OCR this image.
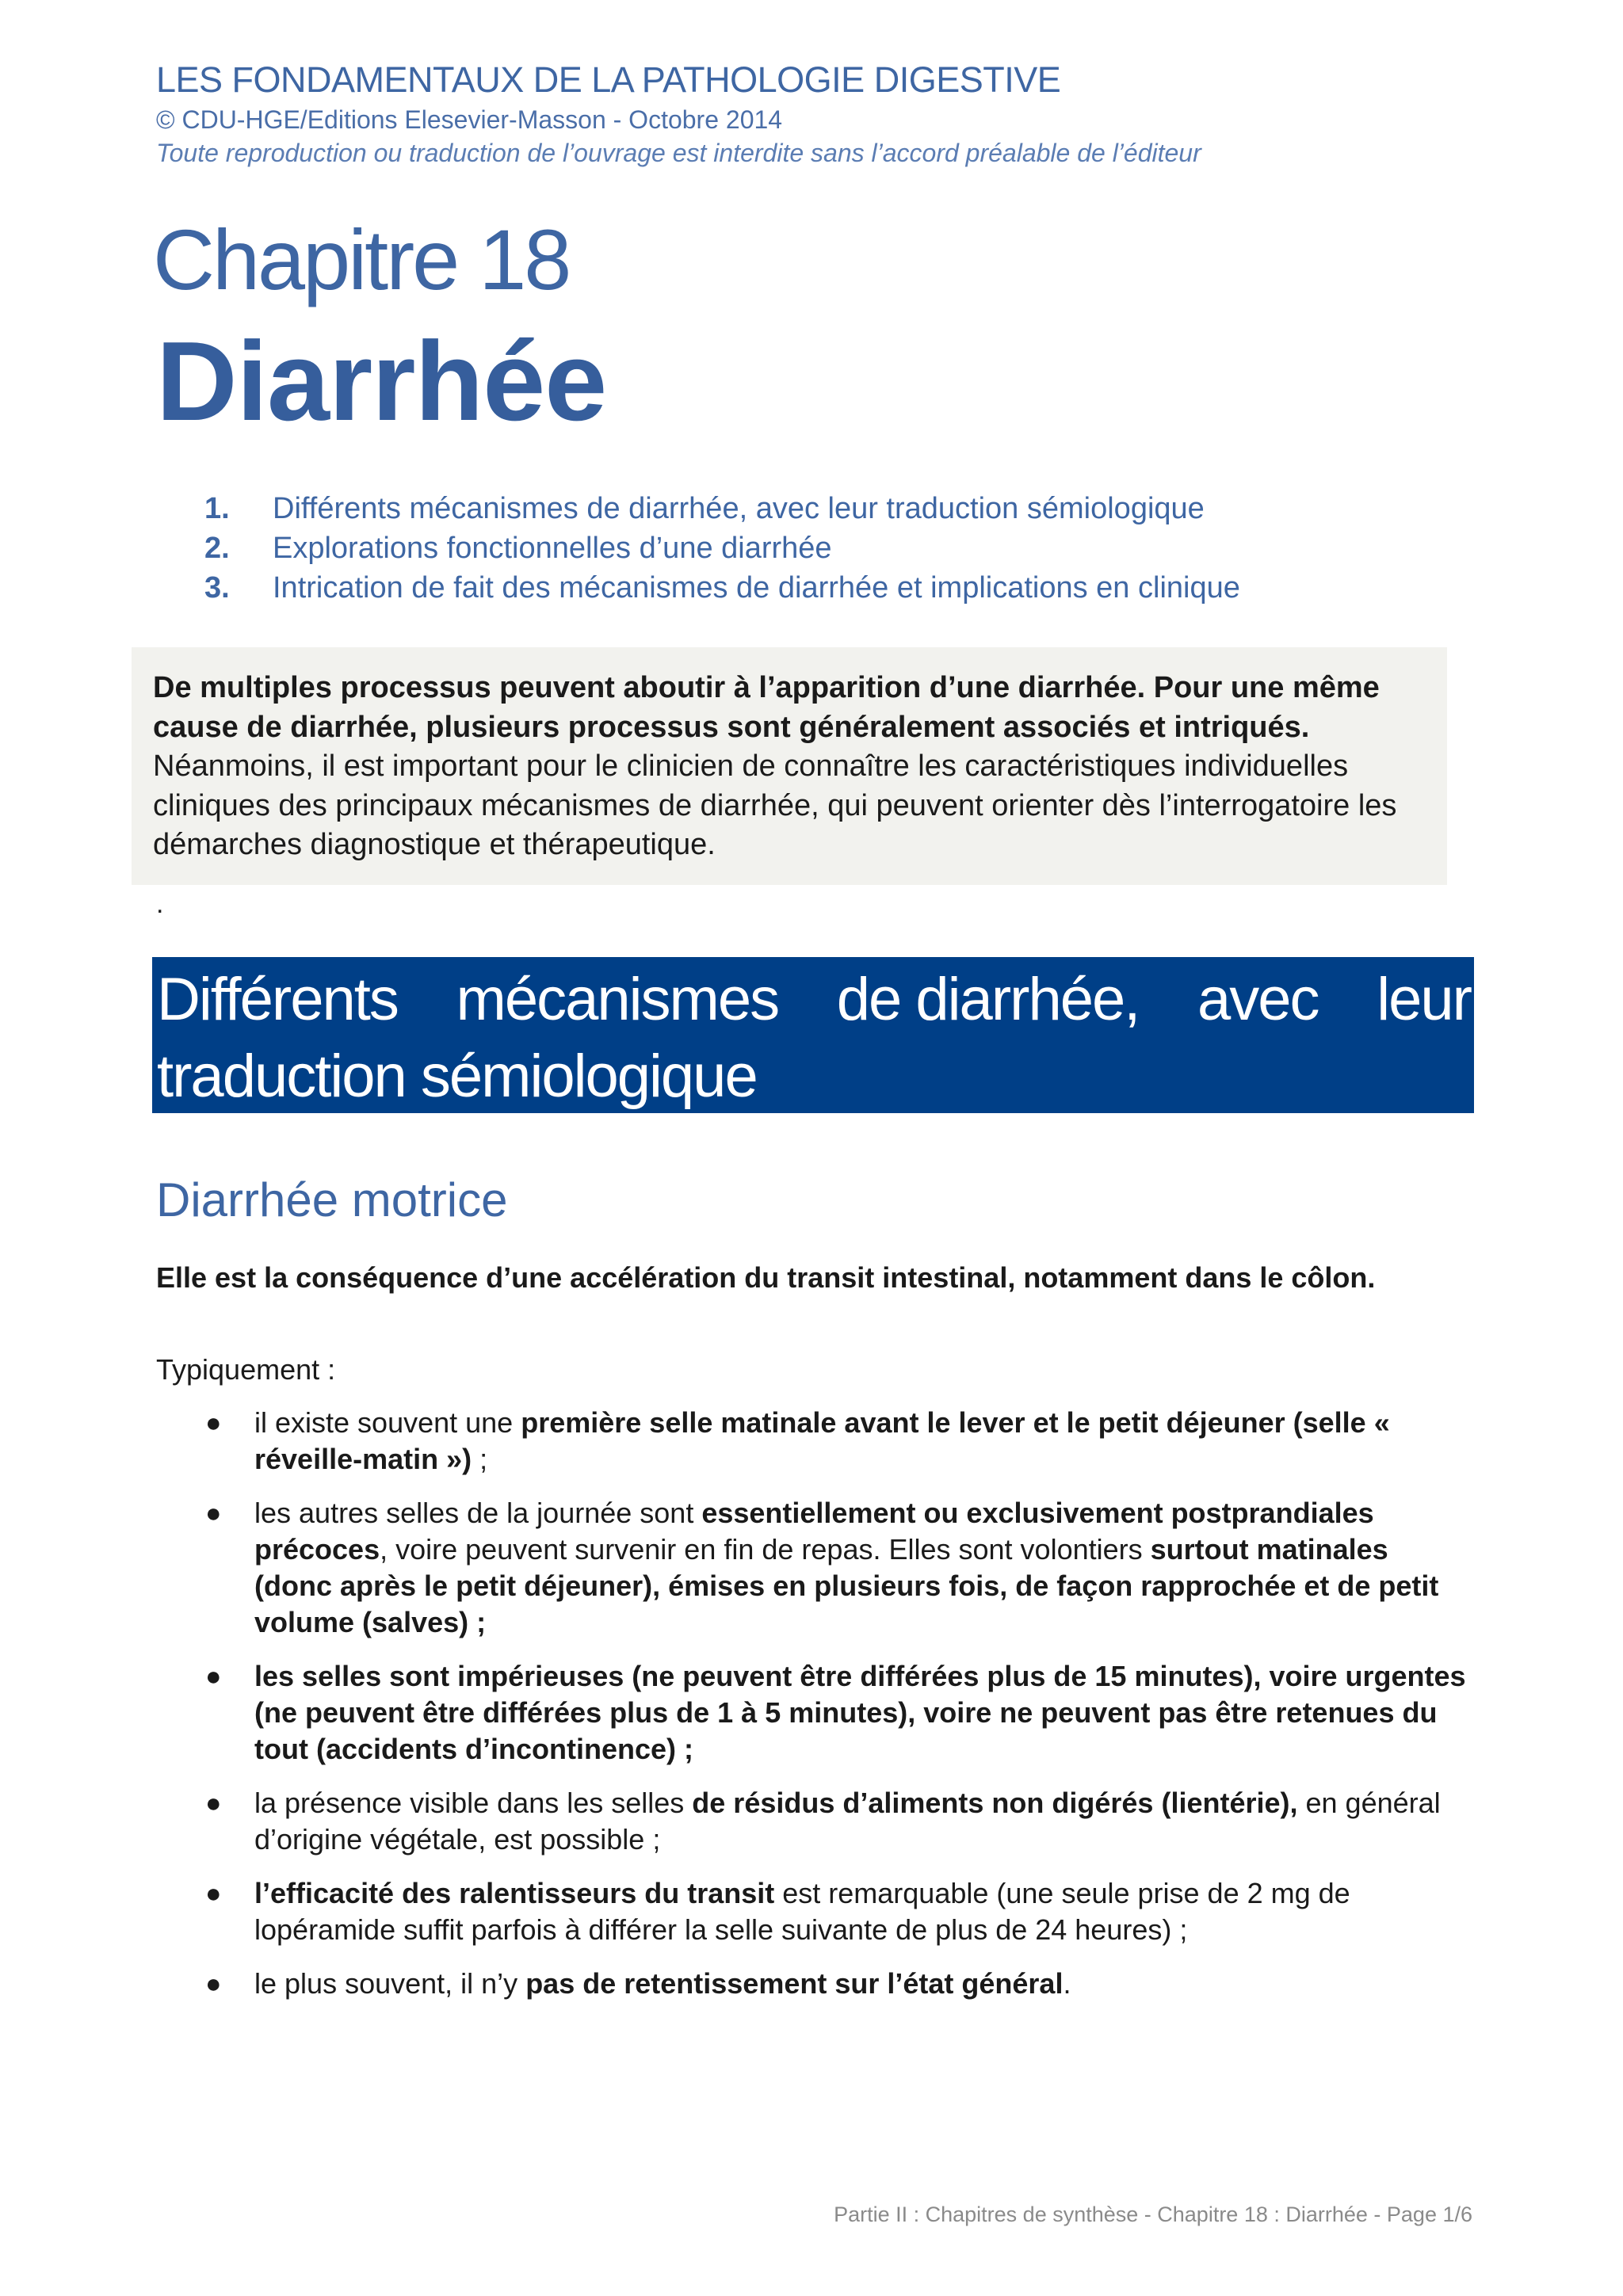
LES FONDAMENTAUX DE LA PATHOLOGIE DIGESTIVE
© CDU-HGE/Editions Elesevier-Masson - Octobre 2014
Toute reproduction ou traduction de l’ouvrage est interdite sans l’accord préalable de l’éditeur
Chapitre 18
Diarrhée
1.	Différents mécanismes de diarrhée, avec leur traduction sémiologique
2.	Explorations fonctionnelles d’une diarrhée
3.	Intrication de fait des mécanismes de diarrhée et implications en clinique
De multiples processus peuvent aboutir à l’apparition d’une diarrhée. Pour une même cause de diarrhée, plusieurs processus sont généralement associés et intriqués. Néanmoins, il est important pour le clinicien de connaître les caractéristiques individuelles cliniques des principaux mécanismes de diarrhée, qui peuvent orienter dès l’interrogatoire les démarches diagnostique et thérapeutique.
.
Différents mécanismes de diarrhée, avec leur
traduction sémiologique
Diarrhée motrice
Elle est la conséquence d’une accélération du transit intestinal, notamment dans le côlon.
Typiquement :
● il existe souvent une première selle matinale avant le lever et le petit déjeuner (selle « réveille-matin ») ;
● les autres selles de la journée sont essentiellement ou exclusivement postprandiales précoces, voire peuvent survenir en fin de repas. Elles sont volontiers surtout matinales (donc après le petit déjeuner), émises en plusieurs fois, de façon rapprochée et de petit volume (salves) ;
● les selles sont impérieuses (ne peuvent être différées plus de 15 minutes), voire urgentes (ne peuvent être différées plus de 1 à 5 minutes), voire ne peuvent pas être retenues du tout (accidents d’incontinence) ;
● la présence visible dans les selles de résidus d’aliments non digérés (lientérie), en général d’origine végétale, est possible ;
● l’efficacité des ralentisseurs du transit est remarquable (une seule prise de 2 mg de lopéramide suffit parfois à différer la selle suivante de plus de 24 heures) ;
● le plus souvent, il n’y pas de retentissement sur l’état général.
Partie II : Chapitres de synthèse - Chapitre 18 : Diarrhée - Page 1/6
